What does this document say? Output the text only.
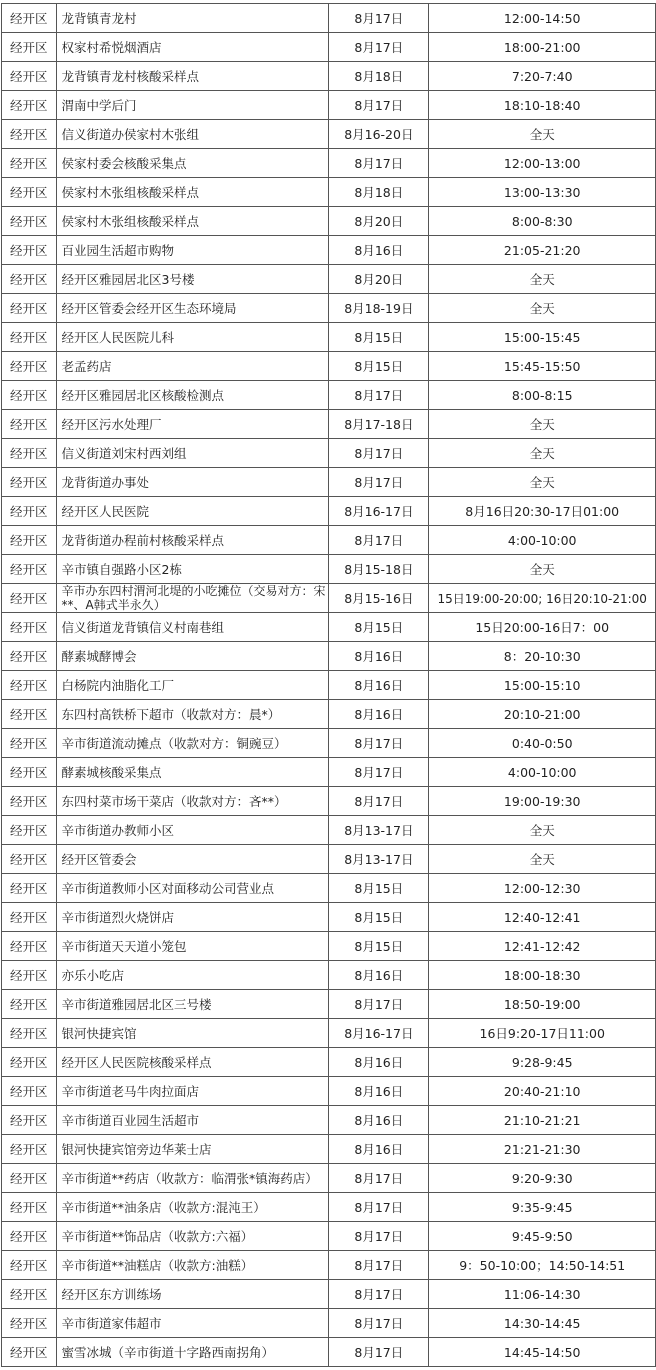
经开区	龙背镇青龙村	8月17日	12:00-14:50
经开区	权家村希悦烟酒店	8月17日	18:00-21:00
经开区	龙背镇青龙村核酸采样点	8月18日	7:20-7:40
经开区	渭南中学后门	8月17日	18:10-18:40
经开区	信义街道办侯家村木张组	8月16-20日	全天
经开区	侯家村委会核酸采集点	8月17日	12:00-13:00
经开区	侯家村木张组核酸采样点	8月18日	13:00-13:30
经开区	侯家村木张组核酸采样点	8月20日	8:00-8:30
经开区	百业园生活超市购物	8月16日	21:05-21:20
经开区	经开区雅园居北区3号楼	8月20日	全天
经开区	经开区管委会经开区生态环境局	8月18-19日	全天
经开区	经开区人民医院儿科	8月15日	15:00-15:45
经开区	老孟药店	8月15日	15:45-15:50
经开区	经开区雅园居北区核酸检测点	8月17日	8:00-8:15
经开区	经开区污水处理厂	8月17-18日	全天
经开区	信义街道刘宋村西刘组	8月17日	全天
经开区	龙背街道办事处	8月17日	全天
经开区	经开区人民医院	8月16-17日	8月16日20:30-17日01:00
经开区	龙背街道办程前村核酸采样点	8月17日	4:00-10:00
经开区	辛市镇自强路小区2栋	8月15-18日	全天
经开区	辛市办东四村渭河北堤的小吃摊位（交易对方：宋**、A韩式半永久）	8月15-16日	15日19:00-20:00; 16日20:10-21:00
经开区	信义街道龙背镇信义村南巷组	8月15日	15日20:00-16日7：00
经开区	酵素城酵博会	8月16日	8：20-10:30
经开区	白杨院内油脂化工厂	8月16日	15:00-15:10
经开区	东四村高铁桥下超市（收款对方：晨*）	8月16日	20:10-21:00
经开区	辛市街道流动摊点（收款对方：铜豌豆）	8月17日	0:40-0:50
经开区	酵素城核酸采集点	8月17日	4:00-10:00
经开区	东四村菜市场干菜店（收款对方：吝**）	8月17日	19:00-19:30
经开区	辛市街道办教师小区	8月13-17日	全天
经开区	经开区管委会	8月13-17日	全天
经开区	辛市街道教师小区对面移动公司营业点	8月15日	12:00-12:30
经开区	辛市街道烈火烧饼店	8月15日	12:40-12:41
经开区	辛市街道天天道小笼包	8月15日	12:41-12:42
经开区	亦乐小吃店	8月16日	18:00-18:30
经开区	辛市街道雅园居北区三号楼	8月17日	18:50-19:00
经开区	银河快捷宾馆	8月16-17日	16日9:20-17日11:00
经开区	经开区人民医院核酸采样点	8月16日	9:28-9:45
经开区	辛市街道老马牛肉拉面店	8月16日	20:40-21:10
经开区	辛市街道百业园生活超市	8月16日	21:10-21:21
经开区	银河快捷宾馆旁边华莱士店	8月16日	21:21-21:30
经开区	辛市街道**药店（收款方：临渭张*镇海药店）	8月17日	9:20-9:30
经开区	辛市街道**油条店（收款方:混沌王）	8月17日	9:35-9:45
经开区	辛市街道**饰品店（收款方:六福）	8月17日	9:45-9:50
经开区	辛市街道**油糕店（收款方:油糕）	8月17日	9：50-10:00；14:50-14:51
经开区	经开区东方训练场	8月17日	11:06-14:30
经开区	辛市街道家伟超市	8月17日	14:30-14:45
经开区	蜜雪冰城（辛市街道十字路西南拐角）	8月17日	14:45-14:50
